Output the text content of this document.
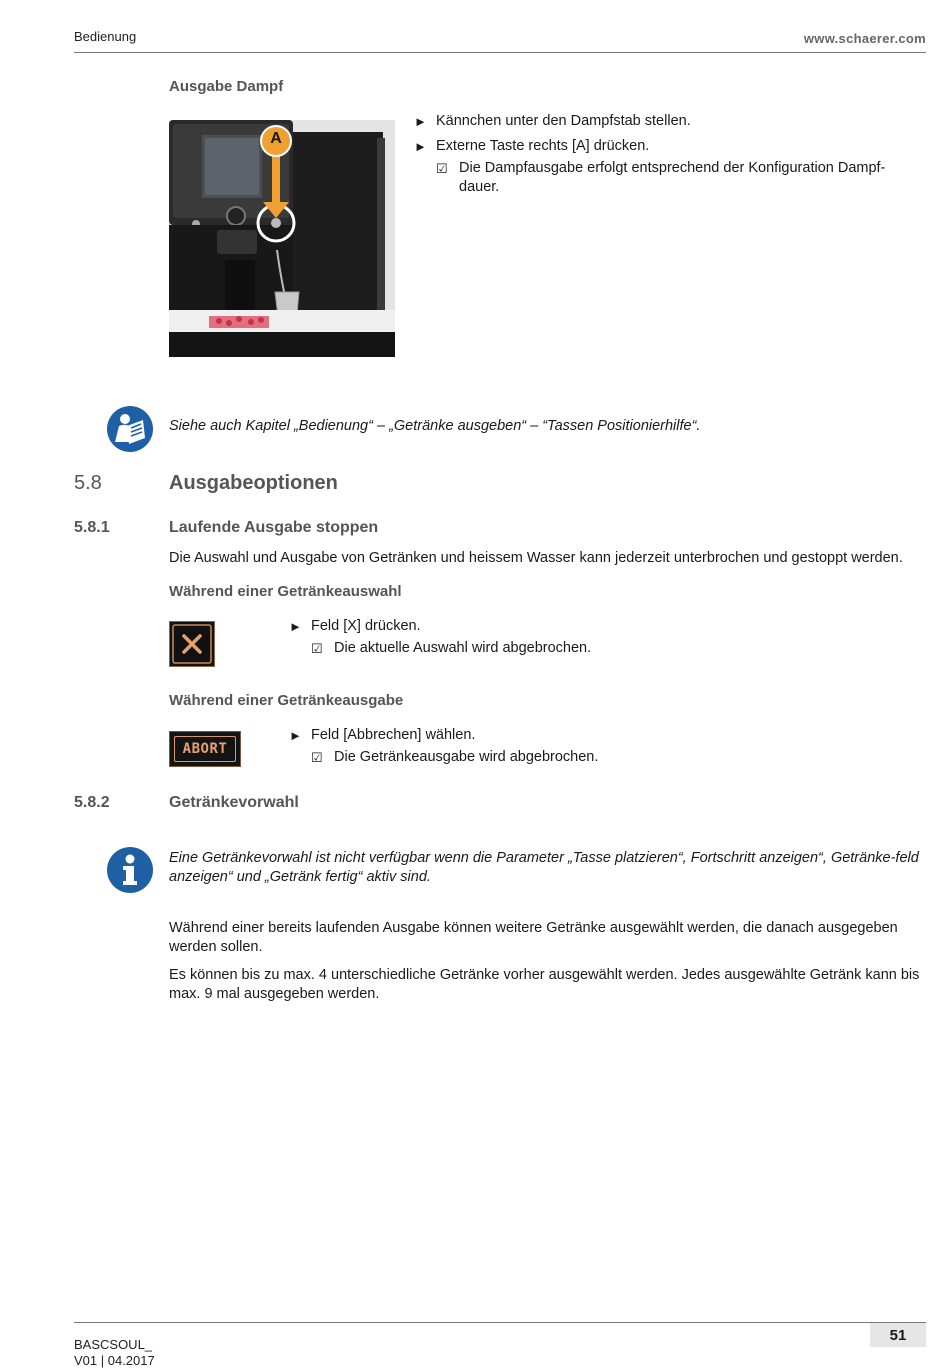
Bedienung	www.schaerer.com
Ausgabe Dampf
A
► Kännchen unter den Dampfstab stellen.
► Externe Taste rechts [A] drücken.
☑ Die Dampfausgabe erfolgt entsprechend der Konfiguration Dampf-dauer.
Siehe auch Kapitel „Bedienung“ – „Getränke ausgeben“ – “Tassen Positionierhilfe“.
5.8	Ausgabeoptionen
5.8.1	Laufende Ausgabe stoppen
Die Auswahl und Ausgabe von Getränken und heissem Wasser kann jederzeit unterbrochen und gestoppt werden.
Während einer Getränkeauswahl
► Feld [X] drücken.
☑ Die aktuelle Auswahl wird abgebrochen.
Während einer Getränkeausgabe
ABORT
► Feld [Abbrechen] wählen.
☑ Die Getränkeausgabe wird abgebrochen.
5.8.2	Getränkevorwahl
Eine Getränkevorwahl ist nicht verfügbar wenn die Parameter „Tasse platzieren“, Fortschritt anzeigen“, Getränke-feld anzeigen“ und „Getränk fertig“ aktiv sind.
Während einer bereits laufenden Ausgabe können weitere Getränke ausgewählt werden, die danach ausgegeben werden sollen.
Es können bis zu max. 4 unterschiedliche Getränke vorher ausgewählt werden. Jedes ausgewählte Getränk kann bis max. 9 mal ausgegeben werden.
BASCSOUL_
V01 | 04.2017
51
